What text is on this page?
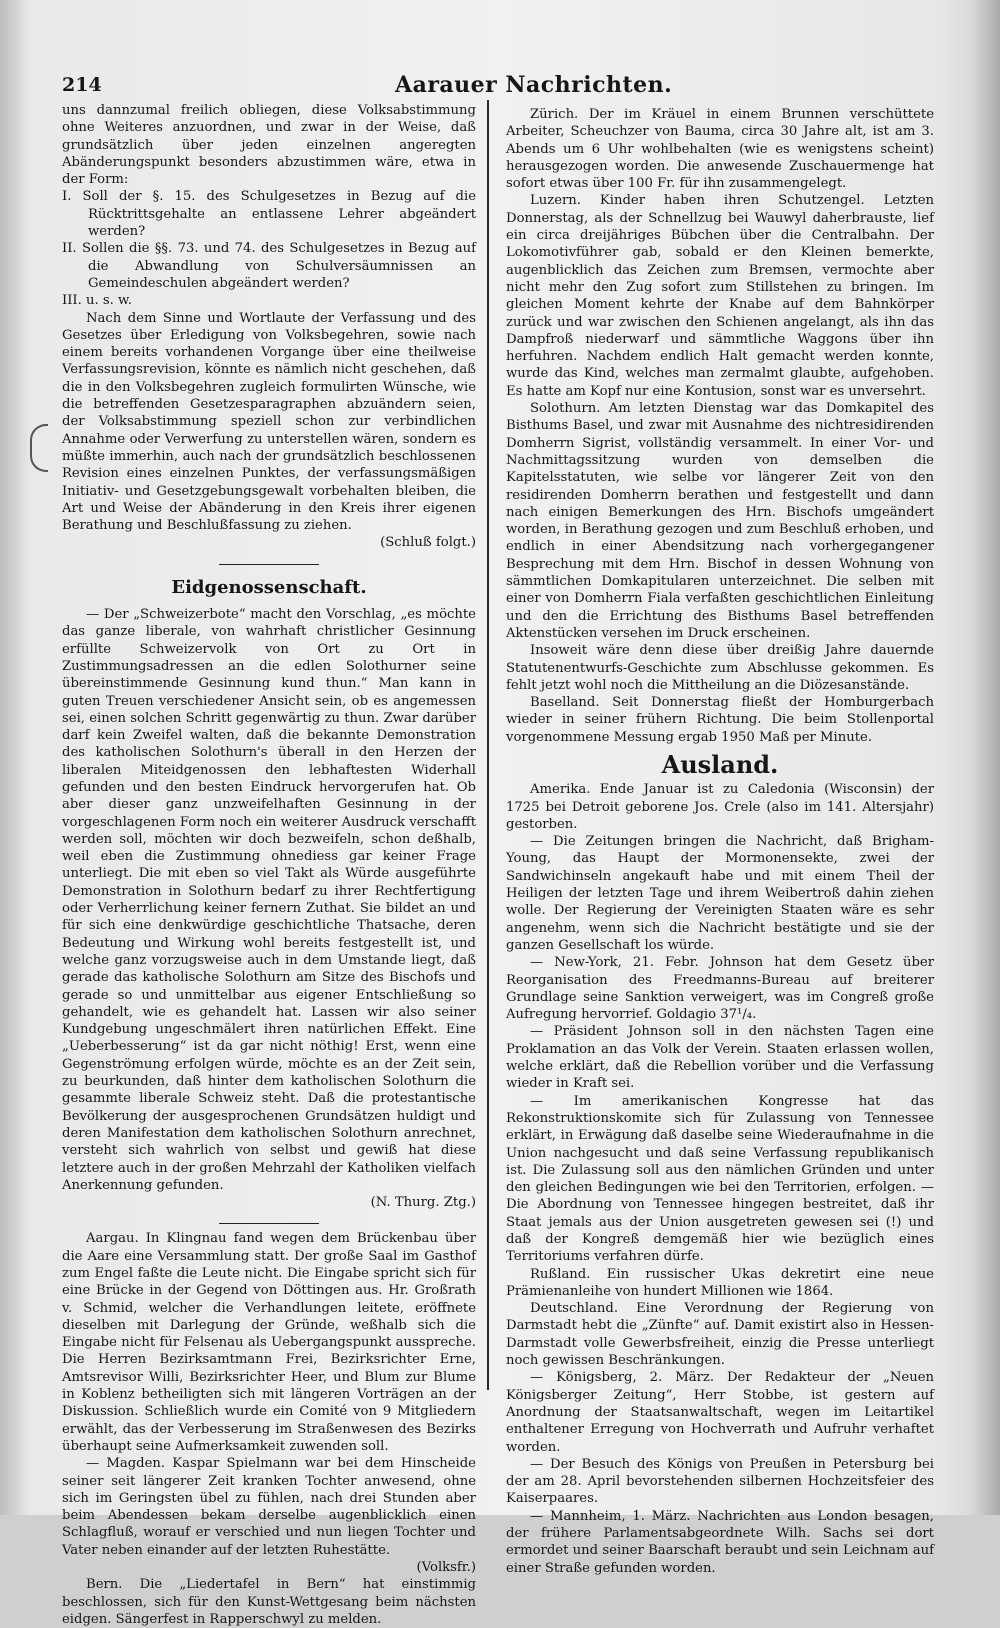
214	Aarauer Nachrichten.

uns dannzumal freilich obliegen, diese Volksabstimmung ohne Weiteres anzuordnen, und zwar in der Weise, daß grundsätzlich über jeden einzelnen angeregten Abänderungspunkt besonders abzustimmen wäre, etwa in der Form:

I. Soll der §. 15. des Schulgesetzes in Bezug auf die Rücktrittsgehalte an entlassene Lehrer abgeändert werden?

II. Sollen die §§. 73. und 74. des Schulgesetzes in Bezug auf die Abwandlung von Schulversäumnissen an Gemeindeschulen abgeändert werden?

III. u. s. w.

Nach dem Sinne und Wortlaute der Verfassung und des Gesetzes über Erledigung von Volksbegehren, sowie nach einem bereits vorhandenen Vorgange über eine theilweise Verfassungsrevision, könnte es nämlich nicht geschehen, daß die in den Volksbegehren zugleich formulirten Wünsche, wie die betreffenden Gesetzesparagraphen abzuändern seien, der Volksabstimmung speziell schon zur verbindlichen Annahme oder Verwerfung zu unterstellen wären, sondern es müßte immerhin, auch nach der grundsätzlich beschlossenen Revision eines einzelnen Punktes, der verfassungsmäßigen Initiativ- und Gesetzgebungsgewalt vorbehalten bleiben, die Art und Weise der Abänderung in den Kreis ihrer eigenen Berathung und Beschlußfassung zu ziehen.

(Schluß folgt.)

Eidgenossenschaft.

— Der „Schweizerbote“ macht den Vorschlag, „es möchte das ganze liberale, von wahrhaft christlicher Gesinnung erfüllte Schweizervolk von Ort zu Ort in Zustimmungsadressen an die edlen Solothurner seine übereinstimmende Gesinnung kund thun.“ Man kann in guten Treuen verschiedener Ansicht sein, ob es angemessen sei, einen solchen Schritt gegenwärtig zu thun. Zwar darüber darf kein Zweifel walten, daß die bekannte Demonstration des katholischen Solothurn's überall in den Herzen der liberalen Miteidgenossen den lebhaftesten Widerhall gefunden und den besten Eindruck hervorgerufen hat. Ob aber dieser ganz unzweifelhaften Gesinnung in der vorgeschlagenen Form noch ein weiterer Ausdruck verschafft werden soll, möchten wir doch bezweifeln, schon deßhalb, weil eben die Zustimmung ohnediess gar keiner Frage unterliegt. Die mit eben so viel Takt als Würde ausgeführte Demonstration in Solothurn bedarf zu ihrer Rechtfertigung oder Verherrlichung keiner fernern Zuthat. Sie bildet an und für sich eine denkwürdige geschichtliche Thatsache, deren Bedeutung und Wirkung wohl bereits festgestellt ist, und welche ganz vorzugsweise auch in dem Umstande liegt, daß gerade das katholische Solothurn am Sitze des Bischofs und gerade so und unmittelbar aus eigener Entschließung so gehandelt, wie es gehandelt hat. Lassen wir also seiner Kundgebung ungeschmälert ihren natürlichen Effekt. Eine „Ueberbesserung“ ist da gar nicht nöthig! Erst, wenn eine Gegenströmung erfolgen würde, möchte es an der Zeit sein, zu beurkunden, daß hinter dem katholischen Solothurn die gesammte liberale Schweiz steht. Daß die protestantische Bevölkerung der ausgesprochenen Grundsätzen huldigt und deren Manifestation dem katholischen Solothurn anrechnet, versteht sich wahrlich von selbst und gewiß hat diese letztere auch in der großen Mehrzahl der Katholiken vielfach Anerkennung gefunden.

(N. Thurg. Ztg.)

Aargau. In Klingnau fand wegen dem Brückenbau über die Aare eine Versammlung statt. Der große Saal im Gasthof zum Engel faßte die Leute nicht. Die Eingabe spricht sich für eine Brücke in der Gegend von Döttingen aus. Hr. Großrath v. Schmid, welcher die Verhandlungen leitete, eröffnete dieselben mit Darlegung der Gründe, weßhalb sich die Eingabe nicht für Felsenau als Uebergangspunkt ausspreche. Die Herren Bezirksamtmann Frei, Bezirksrichter Erne, Amtsrevisor Willi, Bezirksrichter Heer, und Blum zur Blume in Koblenz betheiligten sich mit längeren Vorträgen an der Diskussion. Schließlich wurde ein Comité von 9 Mitgliedern erwählt, das der Verbesserung im Straßenwesen des Bezirks überhaupt seine Aufmerksamkeit zuwenden soll.

— Magden. Kaspar Spielmann war bei dem Hinscheide seiner seit längerer Zeit kranken Tochter anwesend, ohne sich im Geringsten übel zu fühlen, nach drei Stunden aber beim Abendessen bekam derselbe augenblicklich einen Schlagfluß, worauf er verschied und nun liegen Tochter und Vater neben einander auf der letzten Ruhestätte.

(Volksfr.)

Bern. Die „Liedertafel in Bern“ hat einstimmig beschlossen, sich für den Kunst-Wettgesang beim nächsten eidgen. Sängerfest in Rapperschwyl zu melden.

Zürich. Der im Kräuel in einem Brunnen verschüttete Arbeiter, Scheuchzer von Bauma, circa 30 Jahre alt, ist am 3. Abends um 6 Uhr wohlbehalten (wie es wenigstens scheint) herausgezogen worden. Die anwesende Zuschauermenge hat sofort etwas über 100 Fr. für ihn zusammengelegt.

Luzern. Kinder haben ihren Schutzengel. Letzten Donnerstag, als der Schnellzug bei Wauwyl daherbrauste, lief ein circa dreijähriges Bübchen über die Centralbahn. Der Lokomotivführer gab, sobald er den Kleinen bemerkte, augenblicklich das Zeichen zum Bremsen, vermochte aber nicht mehr den Zug sofort zum Stillstehen zu bringen. Im gleichen Moment kehrte der Knabe auf dem Bahnkörper zurück und war zwischen den Schienen angelangt, als ihn das Dampfroß niederwarf und sämmtliche Waggons über ihn herfuhren. Nachdem endlich Halt gemacht werden konnte, wurde das Kind, welches man zermalmt glaubte, aufgehoben. Es hatte am Kopf nur eine Kontusion, sonst war es unversehrt.

Solothurn. Am letzten Dienstag war das Domkapitel des Bisthums Basel, und zwar mit Ausnahme des nichtresidirenden Domherrn Sigrist, vollständig versammelt. In einer Vor- und Nachmittagssitzung wurden von demselben die Kapitelsstatuten, wie selbe vor längerer Zeit von den residirenden Domherrn berathen und festgestellt und dann nach einigen Bemerkungen des Hrn. Bischofs umgeändert worden, in Berathung gezogen und zum Beschluß erhoben, und endlich in einer Abendsitzung nach vorhergegangener Besprechung mit dem Hrn. Bischof in dessen Wohnung von sämmtlichen Domkapitularen unterzeichnet. Die selben mit einer von Domherrn Fiala verfaßten geschichtlichen Einleitung und den die Errichtung des Bisthums Basel betreffenden Aktenstücken versehen im Druck erscheinen.

Insoweit wäre denn diese über dreißig Jahre dauernde Statutenentwurfs-Geschichte zum Abschlusse gekommen. Es fehlt jetzt wohl noch die Mittheilung an die Diözesanstände.

Baselland. Seit Donnerstag fließt der Homburgerbach wieder in seiner frühern Richtung. Die beim Stollenportal vorgenommene Messung ergab 1950 Maß per Minute.

Ausland.

Amerika. Ende Januar ist zu Caledonia (Wisconsin) der 1725 bei Detroit geborene Jos. Crele (also im 141. Altersjahr) gestorben.

— Die Zeitungen bringen die Nachricht, daß Brigham-Young, das Haupt der Mormonensekte, zwei der Sandwichinseln angekauft habe und mit einem Theil der Heiligen der letzten Tage und ihrem Weibertroß dahin ziehen wolle. Der Regierung der Vereinigten Staaten wäre es sehr angenehm, wenn sich die Nachricht bestätigte und sie der ganzen Gesellschaft los würde.

— New-York, 21. Febr. Johnson hat dem Gesetz über Reorganisation des Freedmanns-Bureau auf breiterer Grundlage seine Sanktion verweigert, was im Congreß große Aufregung hervorrief. Goldagio 37¹/₄.

— Präsident Johnson soll in den nächsten Tagen eine Proklamation an das Volk der Verein. Staaten erlassen wollen, welche erklärt, daß die Rebellion vorüber und die Verfassung wieder in Kraft sei.

— Im amerikanischen Kongresse hat das Rekonstruktionskomite sich für Zulassung von Tennessee erklärt, in Erwägung daß daselbe seine Wiederaufnahme in die Union nachgesucht und daß seine Verfassung republikanisch ist. Die Zulassung soll aus den nämlichen Gründen und unter den gleichen Bedingungen wie bei den Territorien, erfolgen. — Die Abordnung von Tennessee hingegen bestreitet, daß ihr Staat jemals aus der Union ausgetreten gewesen sei (!) und daß der Kongreß demgemäß hier wie bezüglich eines Territoriums verfahren dürfe.

Rußland. Ein russischer Ukas dekretirt eine neue Prämienanleihe von hundert Millionen wie 1864.

Deutschland. Eine Verordnung der Regierung von Darmstadt hebt die „Zünfte“ auf. Damit existirt also in Hessen-Darmstadt volle Gewerbsfreiheit, einzig die Presse unterliegt noch gewissen Beschränkungen.

— Königsberg, 2. März. Der Redakteur der „Neuen Königsberger Zeitung“, Herr Stobbe, ist gestern auf Anordnung der Staatsanwaltschaft, wegen im Leitartikel enthaltener Erregung von Hochverrath und Aufruhr verhaftet worden.

— Der Besuch des Königs von Preußen in Petersburg bei der am 28. April bevorstehenden silbernen Hochzeitsfeier des Kaiserpaares.

— Mannheim, 1. März. Nachrichten aus London besagen, der frühere Parlamentsabgeordnete Wilh. Sachs sei dort ermordet und seiner Baarschaft beraubt und sein Leichnam auf einer Straße gefunden worden.
